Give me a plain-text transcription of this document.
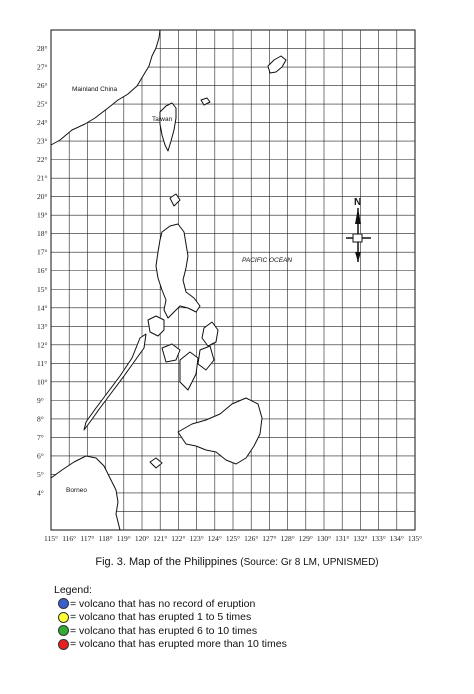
28°
27°
26°
25°
24°
23°
22°
21°
20°
19°
18°
17°
16°
15°
14°
13°
12°
11°
10°
9°
8°
7°
6°
5°
4°
115° 116° 117° 118° 119° 120° 121° 122° 123° 124° 125° 126° 127° 128° 129° 130° 131° 132° 133° 134° 135°
Mainland China
Taiwan
PACIFIC OCEAN
Borneo
N
Fig. 3. Map of the Philippines (Source: Gr 8 LM, UPNISMED)
Legend:
= volcano that has no record of eruption
= volcano that has erupted 1 to 5 times
= volcano that has erupted 6 to 10 times
= volcano that has erupted more than 10 times
